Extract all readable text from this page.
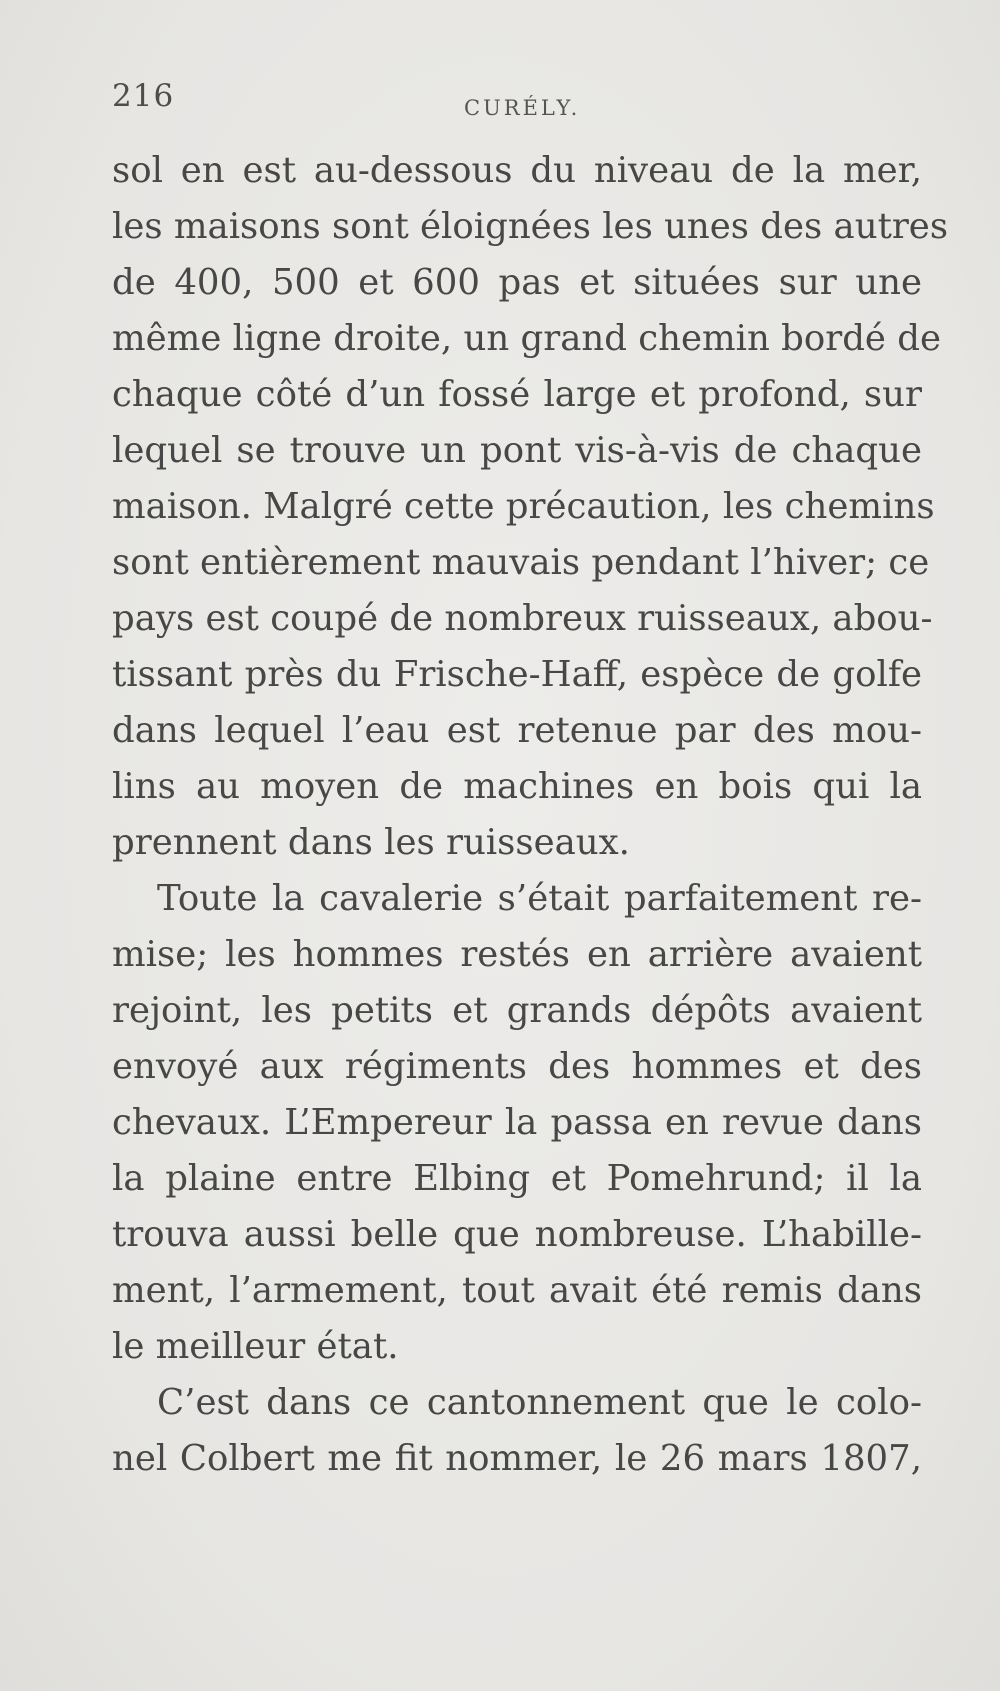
216	CURÉLY.
sol en est au-dessous du niveau de la mer,
les maisons sont éloignées les unes des autres
de 400, 500 et 600 pas et situées sur une
même ligne droite, un grand chemin bordé de
chaque côté d’un fossé large et profond, sur
lequel se trouve un pont vis-à-vis de chaque
maison. Malgré cette précaution, les chemins
sont entièrement mauvais pendant l’hiver; ce
pays est coupé de nombreux ruisseaux, abou-
tissant près du Frische-Haff, espèce de golfe
dans lequel l’eau est retenue par des mou-
lins au moyen de machines en bois qui la
prennent dans les ruisseaux.
Toute la cavalerie s’était parfaitement re-
mise; les hommes restés en arrière avaient
rejoint, les petits et grands dépôts avaient
envoyé aux régiments des hommes et des
chevaux. L’Empereur la passa en revue dans
la plaine entre Elbing et Pomehrund; il la
trouva aussi belle que nombreuse. L’habille-
ment, l’armement, tout avait été remis dans
le meilleur état.
C’est dans ce cantonnement que le colo-
nel Colbert me fit nommer, le 26 mars 1807,
